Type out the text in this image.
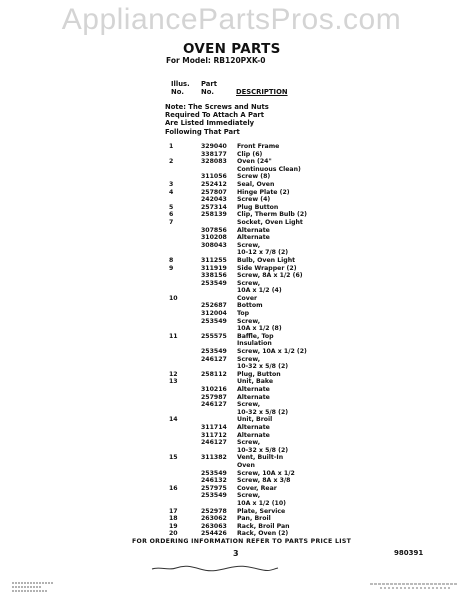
AppliancePartsPros.com
OVEN PARTS
For Model: RB120PXK-0
Illus.
No.
Part
No.	DESCRIPTION
Note: The Screws and Nuts
Required To Attach A Part
Are Listed Immediately
Following That Part
1	329040	Front Frame
	338177	Clip (6)
2	328083	Oven (24"
		Continuous Clean)
	311056	Screw (8)
3	252412	Seal, Oven
4	257807	Hinge Plate (2)
	242043	Screw (4)
5	257314	Plug Button
6	258139	Clip, Therm Bulb (2)
7		Socket, Oven Light
	307856	Alternate
	310208	Alternate
	308043	Screw,
		10-12 x 7/8 (2)
8	311255	Bulb, Oven Light
9	311919	Side Wrapper (2)
	338156	Screw, 8A x 1/2 (6)
	253549	Screw,
		10A x 1/2 (4)
10		Cover
	252687	Bottom
	312004	Top
	253549	Screw,
		10A x 1/2 (8)
11	255575	Baffle, Top
		Insulation
	253549	Screw, 10A x 1/2 (2)
	246127	Screw,
		10-32 x 5/8 (2)
12	258112	Plug, Button
13		Unit, Bake
	310216	Alternate
	257987	Alternate
	246127	Screw,
		10-32 x 5/8 (2)
14		Unit, Broil
	311714	Alternate
	311712	Alternate
	246127	Screw,
		10-32 x 5/8 (2)
15	311382	Vent, Built-In
		Oven
	253549	Screw, 10A x 1/2
	246132	Screw, 8A x 3/8
16	257975	Cover, Rear
	253549	Screw,
		10A x 1/2 (10)
17	252978	Plate, Service
18	263062	Pan, Broil
19	263063	Rack, Broil Pan
20	254426	Rack, Oven (2)
FOR ORDERING INFORMATION REFER TO PARTS PRICE LIST
3	980391
